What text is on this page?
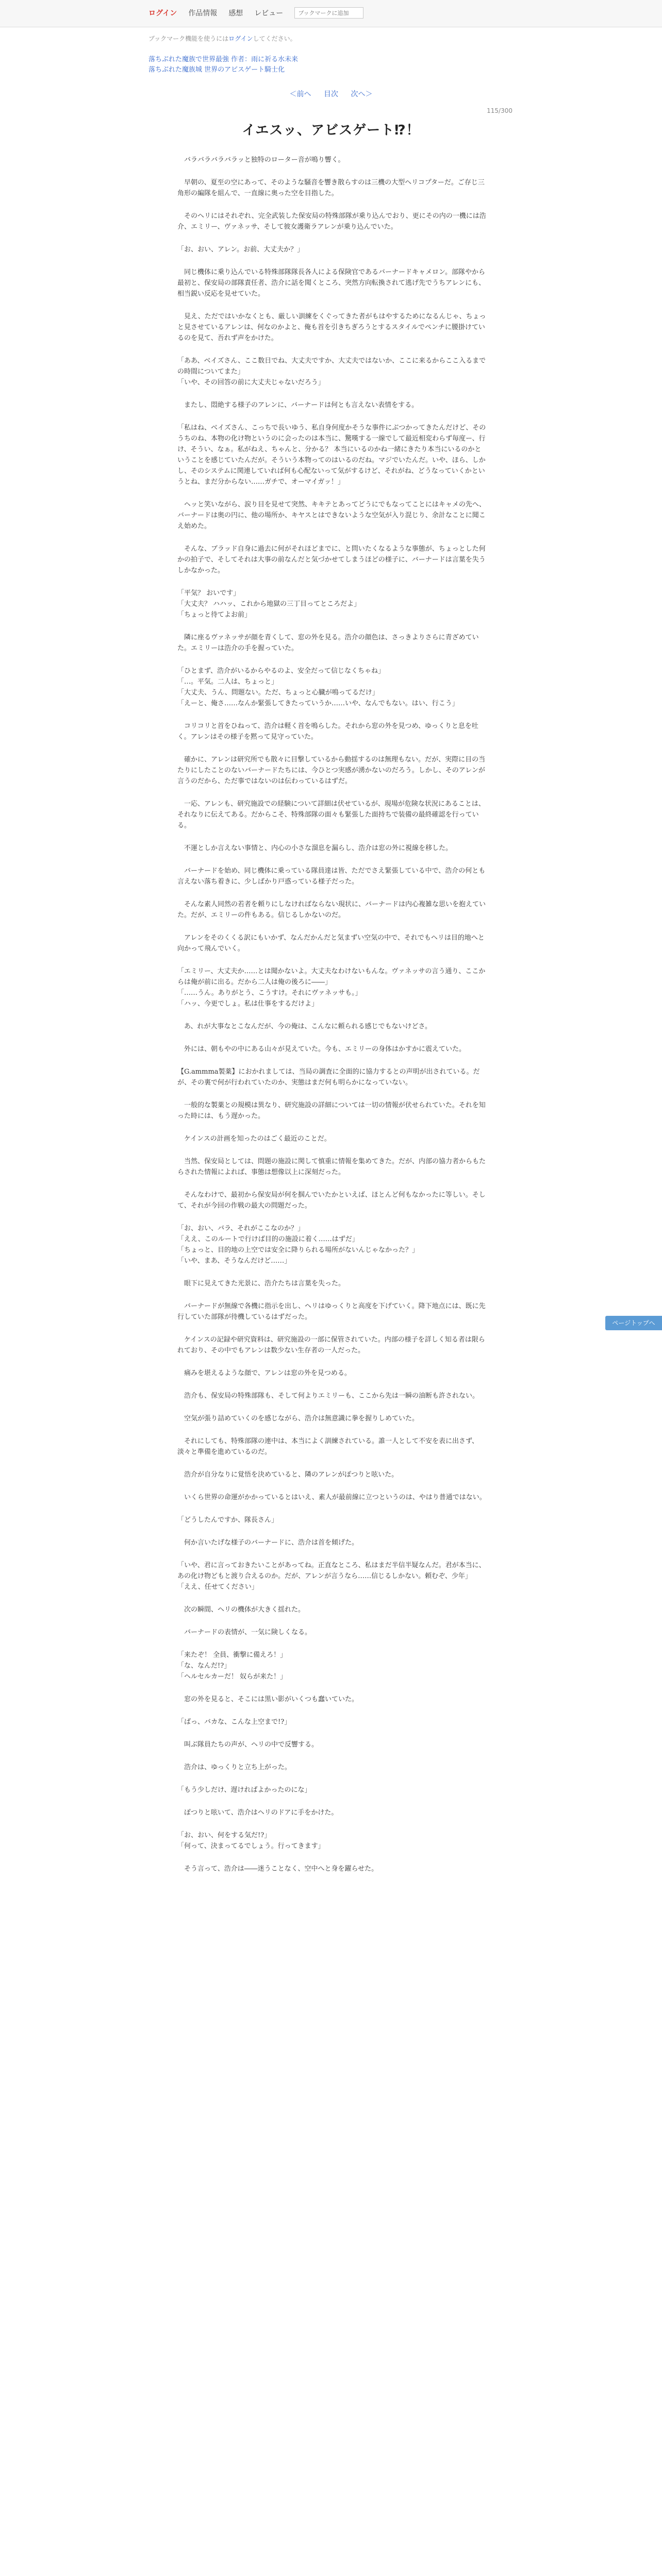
ログイン 作品情報 感想 レビュー
ブックマークに追加
ブックマーク機能を使うにはログインしてください。
落ちぶれた魔族で世界最強 作者：雨に祈る水未来
落ちぶれた魔族城 世界のアビスゲート騎士化
＜前へ 目次 次へ＞
115/300
イエスッ、アビスゲート⁉！

　バラバラバラバラッと独特のローター音が鳴り響く。

　早朝の、夏至の空にあって、そのような騒音を響き散らすのは三機の大型ヘリコプターだ。ご存じ三角形の編隊を組んで、一直線に奥った空を目指した。

　そのヘリにはそれぞれ、完全武装した保安局の特殊部隊が乗り込んでおり、更にその内の一機には浩介、エミリー、ヴァネッサ、そして彼女護衛ラアレンが乗り込んでいた。

「お、おい、アレン。お前、大丈夫か？」

　同じ機体に乗り込んでいる特殊部隊隊長各人による保険官であるバーナードキャメロン。部隊やから最初と、保安局の部隊責任者、浩介に話を聞くところ、突然方向転換されて逃げ先でうちアレンにも、相当鋭い反応を見せていた。

　見え、ただではいかなくとも、厳しい訓練をくぐってきた者がもはやするためになるんじゃ、ちょっと見させているアレンは、何なのかよと、俺も首を引きちぎろうとするスタイルでペンチに腰掛けているのを見て、吾れず声をかけた。

「ああ、ベイズさん、ここ数日でね、大丈夫ですか、大丈夫ではないか、ここに来るからここ入るまでの時間についてまた」
「いや、その回答の前に大丈夫じゃないだろう」

　またし、悶絶する様子のアレンに、バーナードは何とも言えない表情をする。

「私はね、ベイズさん、こっちで長いゆう、私自身何度かそうな事件にぶつかってきたんだけど、そのうちのね、本物の化け物というのに会ったのは本当に、驚嘆する一線でして最近相変わらず毎度ー、行け、そうい、なぁ。私がねえ、ちゃんと、分かる？ 本当にいるのかね一緒にきたり本当にいるのかということを感じていたんだが。そういう本物ってのはいるのだね。マジでいたんだ。いや、ほら、しかし、そのシステムに関連していれば何も心配ないって気がするけど、それがね、どうなっていくかというとね、まだ分からない……ガチで、オーマイガッ！」

　ヘッと笑いながら、涙り目を見せて突然、キキテとあってどうにでもなってことにはキャメの先へ、バーナードは奥の円に、他の場所か、キヤスとはできないような空気が入り混じり、余計なことに聞こえ始めた。

　そんな、ブラッド自身に過去に何がそれほどまでに、と問いたくなるような事態が、ちょっとした何かの拍子で、そしてそれは大事の前なんだと気づかせてしまうほどの様子に、バーナードは言葉を失うしかなかった。

「平気？ おいです」
「大丈夫？ ハハッ、これから地獄の三丁目ってところだよ」
「ちょっと待てよお前」

　隣に座るヴァネッサが顔を青くして、窓の外を見る。浩介の顔色は、さっきよりさらに青ざめていた。エミリーは浩介の手を握っていた。

「ひとまず、浩介がいるからやるのよ、安全だって信じなくちゃね」
「…。平気。二人は、ちょっと」
「大丈夫、うん、問題ない。ただ、ちょっと心臓が鳴ってるだけ」
「えーと、俺さ……なんか緊張してきたっていうか……いや、なんでもない。はい、行こう」

　コリコリと首をひねって、浩介は軽く首を鳴らした。それから窓の外を見つめ、ゆっくりと息を吐く。アレンはその様子を黙って見守っていた。

　確かに、アレンは研究所でも散々に目撃しているから動揺するのは無理もない。だが、実際に目の当たりにしたことのないバーナードたちには、今ひとつ実感が湧かないのだろう。しかし、そのアレンが言うのだから、ただ事ではないのは伝わっているはずだ。

　一応、アレンも、研究施設での経験について詳細は伏せているが、現場が危険な状況にあることは、それなりに伝えてある。だからこそ、特殊部隊の面々も緊張した面持ちで装備の最終確認を行っている。

　不運としか言えない事情と、内心の小さな溜息を漏らし、浩介は窓の外に視線を移した。

　バーナードを始め、同じ機体に乗っている隊員達は皆、ただでさえ緊張している中で、浩介の何とも言えない落ち着きに、少しばかり戸惑っている様子だった。

　そんな素人同然の若者を頼りにしなければならない現状に、バーナードは内心複雑な思いを抱えていた。だが、エミリーの件もある。信じるしかないのだ。

　アレンをそのくくる訳にもいかず、なんだかんだと気まずい空気の中で、それでもヘリは目的地へと向かって飛んでいく。

「エミリー、大丈夫か……とは聞かないよ。大丈夫なわけないもんな。ヴァネッサの言う通り、ここからは俺が前に出る。だから二人は俺の後ろに――」
「……うん。ありがとう、こうすけ。それにヴァネッサも。」
「ハッ、今更でしょ。私は仕事をするだけよ」

　あ、れが大事なとこなんだが、今の俺は、こんなに頼られる感じでもないけどさ。

　外には、朝もやの中にある山々が見えていた。今も、エミリーの身体はかすかに震えていた。

【G.ammma製薬】におかれましては、当局の調査に全面的に協力するとの声明が出されている。だが、その裏で何が行われていたのか、実態はまだ何も明らかになっていない。

　一般的な製薬との規模は異なり、研究施設の詳細については一切の情報が伏せられていた。それを知った時には、もう遅かった。

　ケインスの計画を知ったのはごく最近のことだ。

　当然、保安局としては、問題の施設に関して慎重に情報を集めてきた。だが、内部の協力者からもたらされた情報によれば、事態は想像以上に深刻だった。

　そんなわけで、最初から保安局が何を掴んでいたかといえば、ほとんど何もなかったに等しい。そして、それが今回の作戦の最大の問題だった。

「お、おい、バラ、それがここなのか？」
「ええ、このルートで行けば目的の施設に着く……はずだ」
「ちょっと、目的地の上空では安全に降りられる場所がないんじゃなかった？」
「いや、まあ、そうなんだけど……」

　眼下に見えてきた光景に、浩介たちは言葉を失った。

　バーナードが無線で各機に指示を出し、ヘリはゆっくりと高度を下げていく。降下地点には、既に先行していた部隊が待機しているはずだった。

　ケインスの記録や研究資料は、研究施設の一部に保管されていた。内部の様子を詳しく知る者は限られており、その中でもアレンは数少ない生存者の一人だった。

　痛みを堪えるような顔で、アレンは窓の外を見つめる。

　浩介も、保安局の特殊部隊も、そして何よりエミリーも、ここから先は一瞬の油断も許されない。

　空気が張り詰めていくのを感じながら、浩介は無意識に拳を握りしめていた。

　それにしても、特殊部隊の連中は、本当によく訓練されている。誰一人として不安を表に出さず、淡々と準備を進めているのだ。

　浩介が自分なりに覚悟を決めていると、隣のアレンがぽつりと呟いた。

　いくら世界の命運がかかっているとはいえ、素人が最前線に立つというのは、やはり普通ではない。

「どうしたんですか、隊長さん」

　何か言いたげな様子のバーナードに、浩介は首を傾げた。

「いや、君に言っておきたいことがあってね。正直なところ、私はまだ半信半疑なんだ。君が本当に、あの化け物どもと渡り合えるのか。だが、アレンが言うなら……信じるしかない。頼むぞ、少年」
「ええ、任せてください」

　次の瞬間、ヘリの機体が大きく揺れた。

　バーナードの表情が、一気に険しくなる。

「来たぞ！ 全員、衝撃に備えろ！」
「な、なんだ!?」
「ヘルセルカーだ！ 奴らが来た！」

　窓の外を見ると、そこには黒い影がいくつも蠢いていた。

「ばっ、バカな、こんな上空まで!?」

　叫ぶ隊員たちの声が、ヘリの中で反響する。

　浩介は、ゆっくりと立ち上がった。

「もう少しだけ、遅ければよかったのにな」

　ぽつりと呟いて、浩介はヘリのドアに手をかけた。

「お、おい、何をする気だ!?」
「何って、決まってるでしょう。行ってきます」

　そう言って、浩介は――迷うことなく、空中へと身を躍らせた。

ページトップへ
